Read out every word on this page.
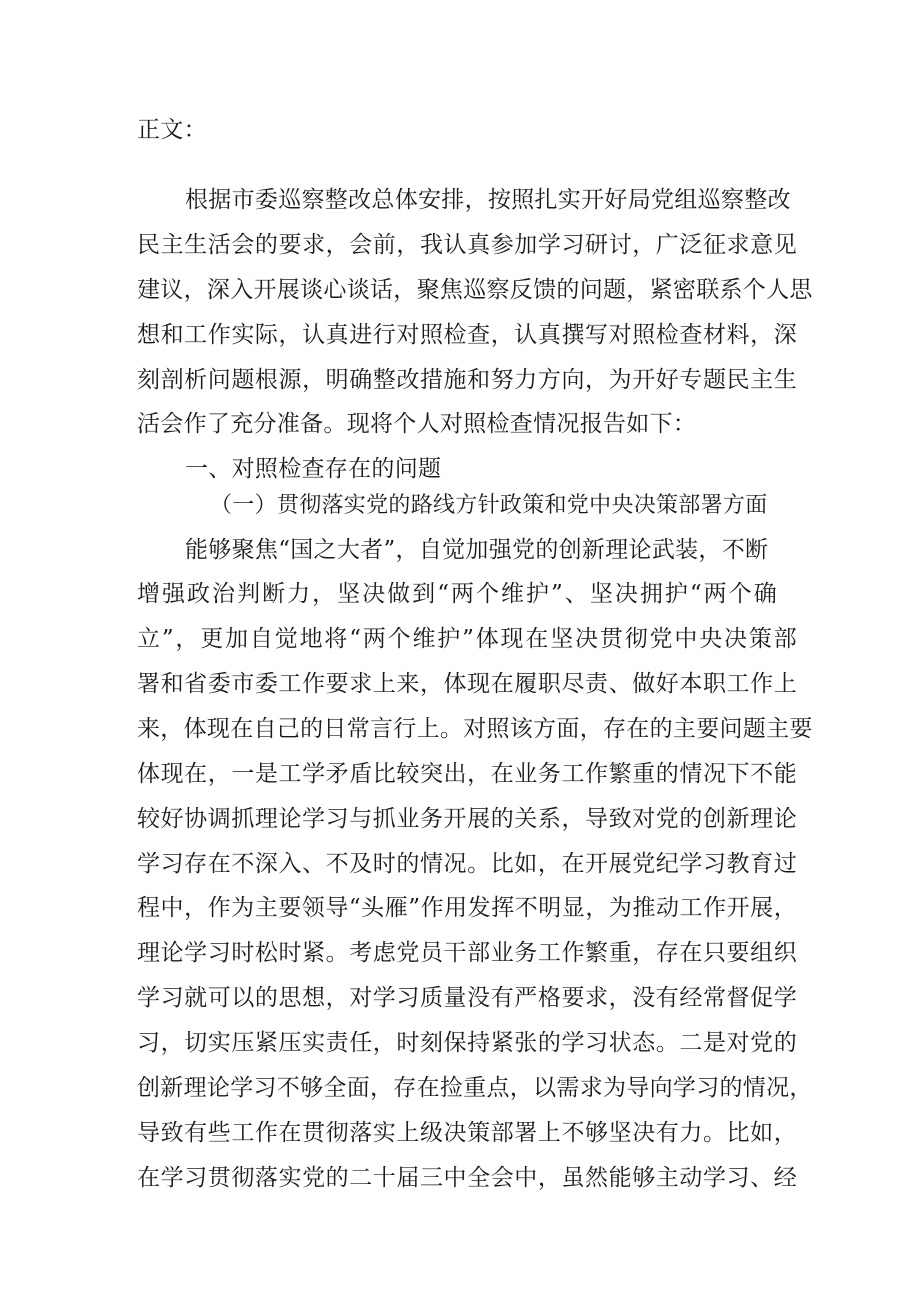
正文：
根据市委巡察整改总体安排，按照扎实开好局党组巡察整改
民主生活会的要求，会前，我认真参加学习研讨，广泛征求意见
建议，深入开展谈心谈话，聚焦巡察反馈的问题，紧密联系个人思
想和工作实际，认真进行对照检查，认真撰写对照检查材料，深
刻剖析问题根源，明确整改措施和努力方向，为开好专题民主生
活会作了充分准备。现将个人对照检查情况报告如下：
一、对照检查存在的问题
（一）贯彻落实党的路线方针政策和党中央决策部署方面
能够聚焦“国之大者”，自觉加强党的创新理论武装，不断
增强政治判断力，坚决做到“两个维护”、坚决拥护“两个确
立”，更加自觉地将“两个维护”体现在坚决贯彻党中央决策部
署和省委市委工作要求上来，体现在履职尽责、做好本职工作上
来，体现在自己的日常言行上。对照该方面，存在的主要问题主要
体现在，一是工学矛盾比较突出，在业务工作繁重的情况下不能
较好协调抓理论学习与抓业务开展的关系，导致对党的创新理论
学习存在不深入、不及时的情况。比如，在开展党纪学习教育过
程中，作为主要领导“头雁”作用发挥不明显，为推动工作开展，
理论学习时松时紧。考虑党员干部业务工作繁重，存在只要组织
学习就可以的思想，对学习质量没有严格要求，没有经常督促学
习，切实压紧压实责任，时刻保持紧张的学习状态。二是对党的
创新理论学习不够全面，存在捡重点，以需求为导向学习的情况，
导致有些工作在贯彻落实上级决策部署上不够坚决有力。比如，
在学习贯彻落实党的二十届三中全会中，虽然能够主动学习、经
